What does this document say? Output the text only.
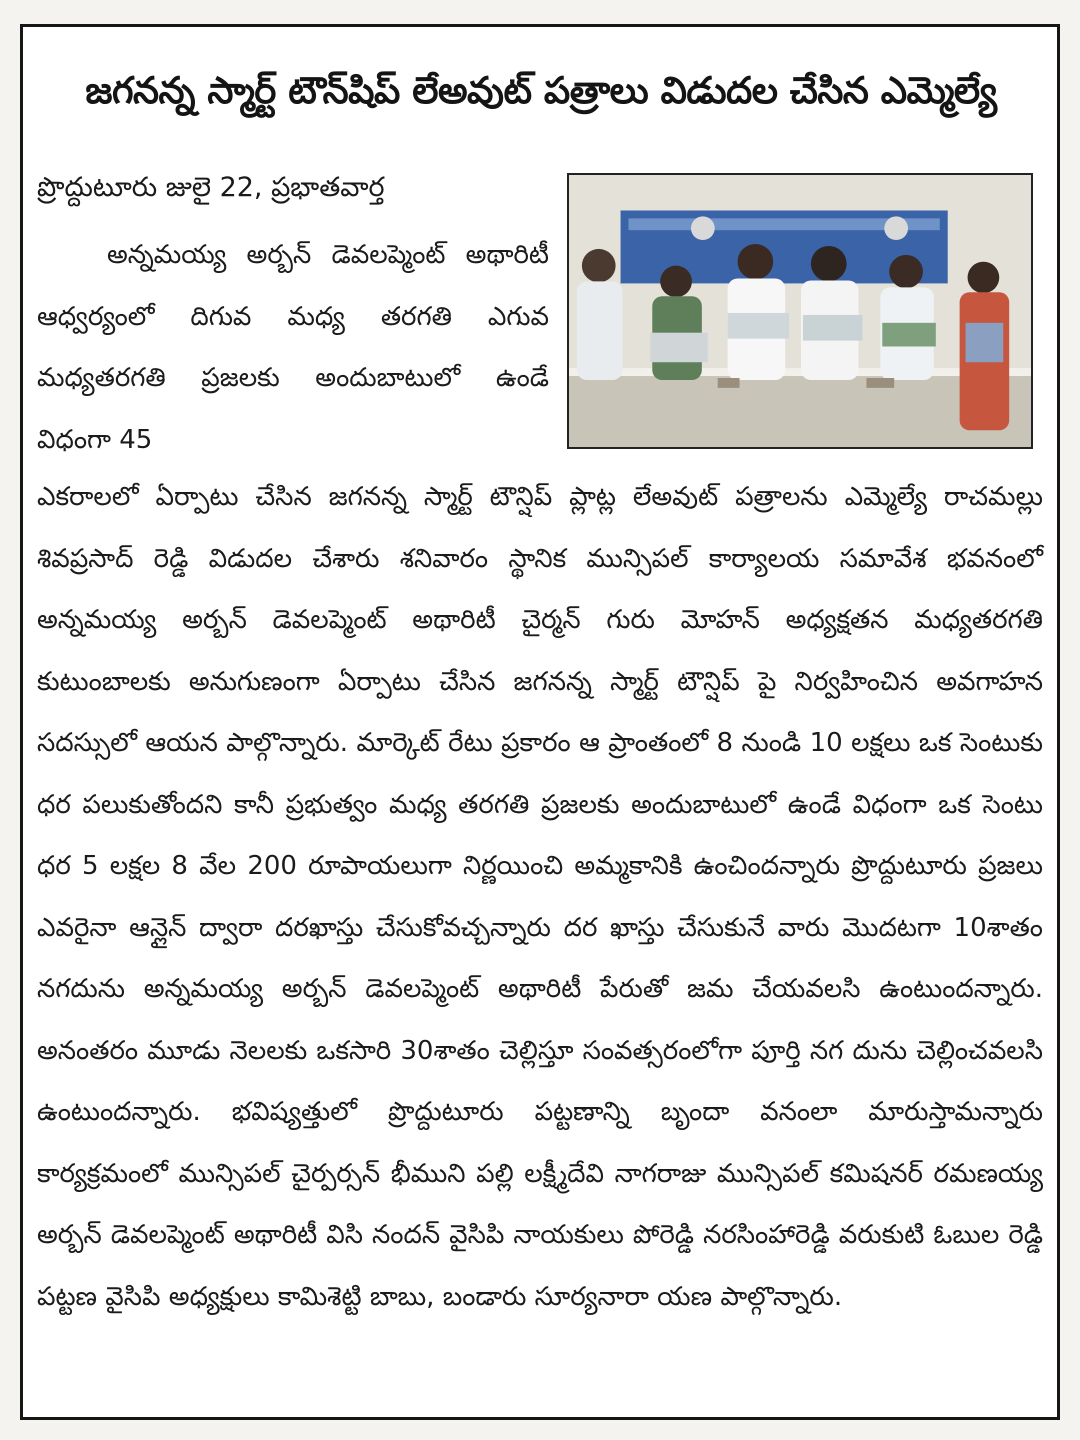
జగనన్న స్మార్ట్ టౌన్‌షిప్ లేఅవుట్ పత్రాలు విడుదల చేసిన ఎమ్మెల్యే
ప్రొద్దుటూరు జులై 22, ప్రభాతవార్త

అన్నమయ్య అర్బన్ డెవలప్మెంట్ అథారిటీ ఆధ్వర్యంలో దిగువ మధ్య తరగతి ఎగువ మధ్యతరగతి ప్రజలకు అందుబాటులో ఉండే విధంగా 45

ఎకరాలలో ఏర్పాటు చేసిన జగనన్న స్మార్ట్ టౌన్షిప్ ప్లాట్ల లేఅవుట్ పత్రాలను ఎమ్మెల్యే రాచమల్లు శివప్రసాద్ రెడ్డి విడుదల చేశారు శనివారం స్థానిక మున్సిపల్ కార్యాలయ సమావేశ భవనంలో అన్నమయ్య అర్బన్ డెవలప్మెంట్ అథారిటీ చైర్మన్ గురు మోహన్ అధ్యక్షతన మధ్యతరగతి కుటుంబాలకు అనుగుణంగా ఏర్పాటు చేసిన జగనన్న స్మార్ట్ టౌన్షిప్ పై నిర్వహించిన అవగాహన సదస్సులో ఆయన పాల్గొన్నారు. మార్కెట్ రేటు ప్రకారం ఆ ప్రాంతంలో 8 నుండి 10 లక్షలు ఒక సెంటుకు ధర పలుకుతోందని కానీ ప్రభుత్వం మధ్య తరగతి ప్రజలకు అందుబాటులో ఉండే విధంగా ఒక సెంటు ధర 5 లక్షల 8 వేల 200 రూపాయలుగా నిర్ణయించి అమ్మకానికి ఉంచిందన్నారు ప్రొద్దుటూరు ప్రజలు ఎవరైనా ఆన్లైన్ ద్వారా దరఖాస్తు చేసుకోవచ్చన్నారు దర ఖాస్తు చేసుకునే వారు మొదటగా 10శాతం నగదును అన్నమయ్య అర్బన్ డెవలప్మెంట్ అథారిటీ పేరుతో జమ చేయవలసి ఉంటుందన్నారు. అనంతరం మూడు నెలలకు ఒకసారి 30శాతం చెల్లిస్తూ సంవత్సరంలోగా పూర్తి నగ దును చెల్లించవలసి ఉంటుందన్నారు. భవిష్యత్తులో ప్రొద్దుటూరు పట్టణాన్ని బృందా వనంలా మారుస్తామన్నారు కార్యక్రమంలో మున్సిపల్ చైర్పర్సన్ భీముని పల్లి లక్ష్మీదేవి నాగరాజు మున్సిపల్ కమిషనర్ రమణయ్య అర్బన్ డెవలప్మెంట్ అథారిటీ విసి నందన్ వైసిపి నాయకులు పోరెడ్డి నరసింహారెడ్డి వరుకుటి ఓబుల రెడ్డి పట్టణ వైసిపి అధ్యక్షులు కామిశెట్టి బాబు, బండారు సూర్యనారా యణ పాల్గొన్నారు.
